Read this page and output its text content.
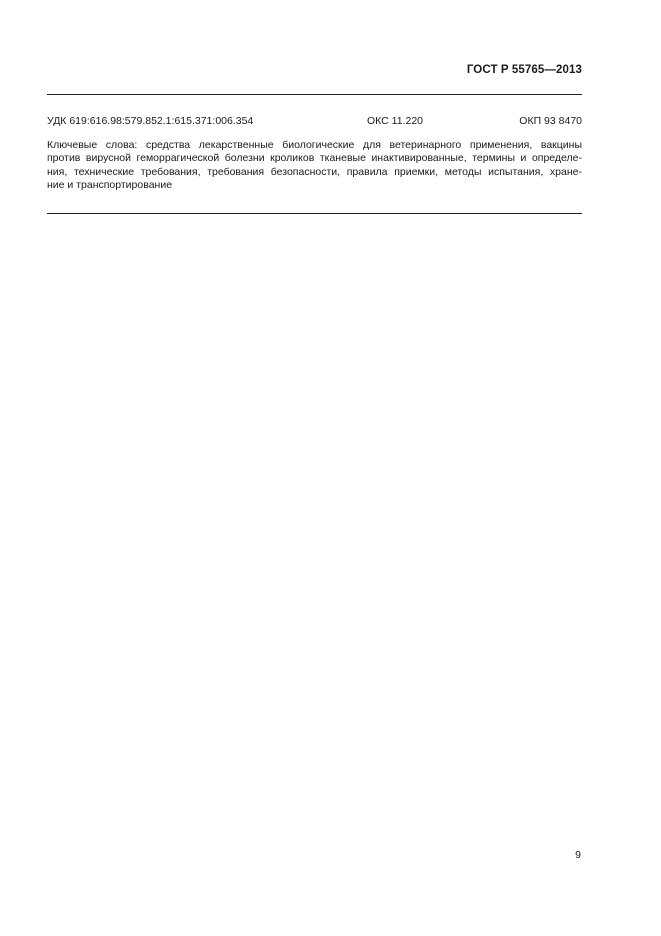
ГОСТ Р 55765—2013
УДК 619:616.98:579.852.1:615.371:006.354	ОКС 11.220	ОКП 93 8470
Ключевые слова: средства лекарственные биологические для ветеринарного применения, вакцины
против вирусной геморрагической болезни кроликов тканевые инактивированные, термины и определе-
ния, технические требования, требования безопасности, правила приемки, методы испытания, хране-
ние и транспортирование
9
